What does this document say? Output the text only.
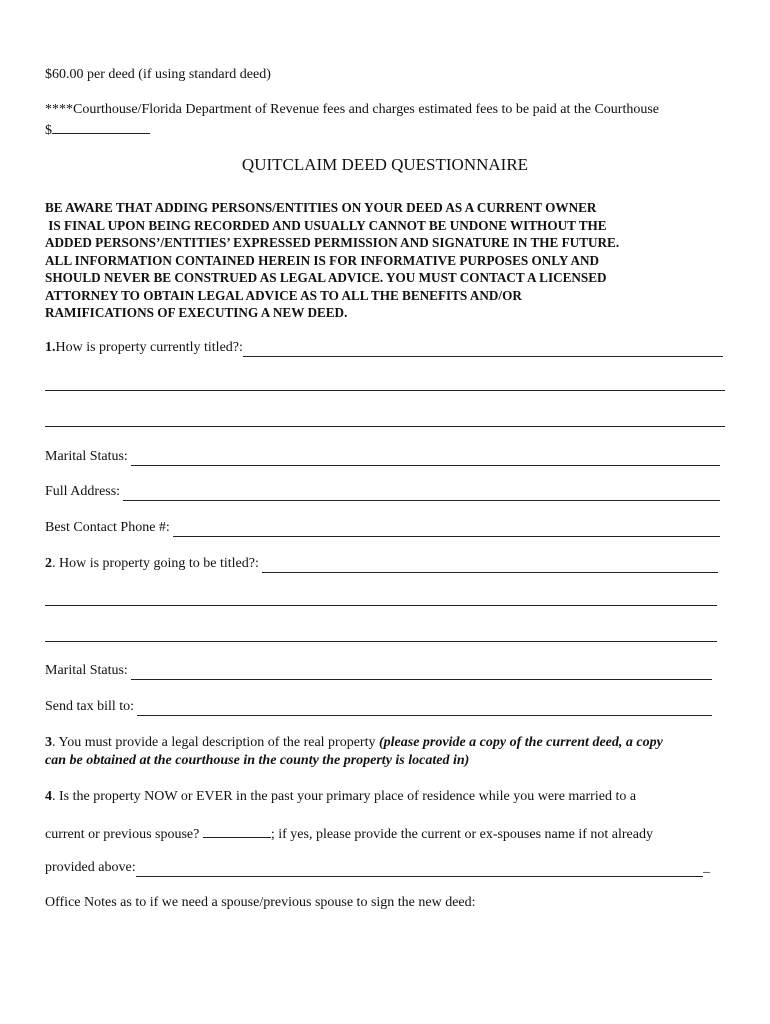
$60.00 per deed (if using standard deed)
****Courthouse/Florida Department of Revenue fees and charges estimated fees to be paid at the Courthouse
$
QUITCLAIM DEED QUESTIONNAIRE
BE AWARE THAT ADDING PERSONS/ENTITIES ON YOUR DEED AS A CURRENT OWNER
IS FINAL UPON BEING RECORDED AND USUALLY CANNOT BE UNDONE WITHOUT THE
ADDED PERSONS’/ENTITIES’ EXPRESSED PERMISSION AND SIGNATURE IN THE FUTURE.
ALL INFORMATION CONTAINED HEREIN IS FOR INFORMATIVE PURPOSES ONLY AND
SHOULD NEVER BE CONSTRUED AS LEGAL ADVICE. YOU MUST CONTACT A LICENSED
ATTORNEY TO OBTAIN LEGAL ADVICE AS TO ALL THE BENEFITS AND/OR
RAMIFICATIONS OF EXECUTING A NEW DEED.
1. How is property currently titled?:
Marital Status:
Full Address:
Best Contact Phone #:
2 . How is property going to be titled?:
Marital Status:
Send tax bill to:
3. You must provide a legal description of the real property (please provide a copy of the current deed, a copy
can be obtained at the courthouse in the county the property is located in)
4. Is the property NOW or EVER in the past your primary place of residence while you were married to a
current or previous spouse?	; if yes, please provide the current or ex-spouses name if not already
provided above:	_
Office Notes as to if we need a spouse/previous spouse to sign the new deed:
